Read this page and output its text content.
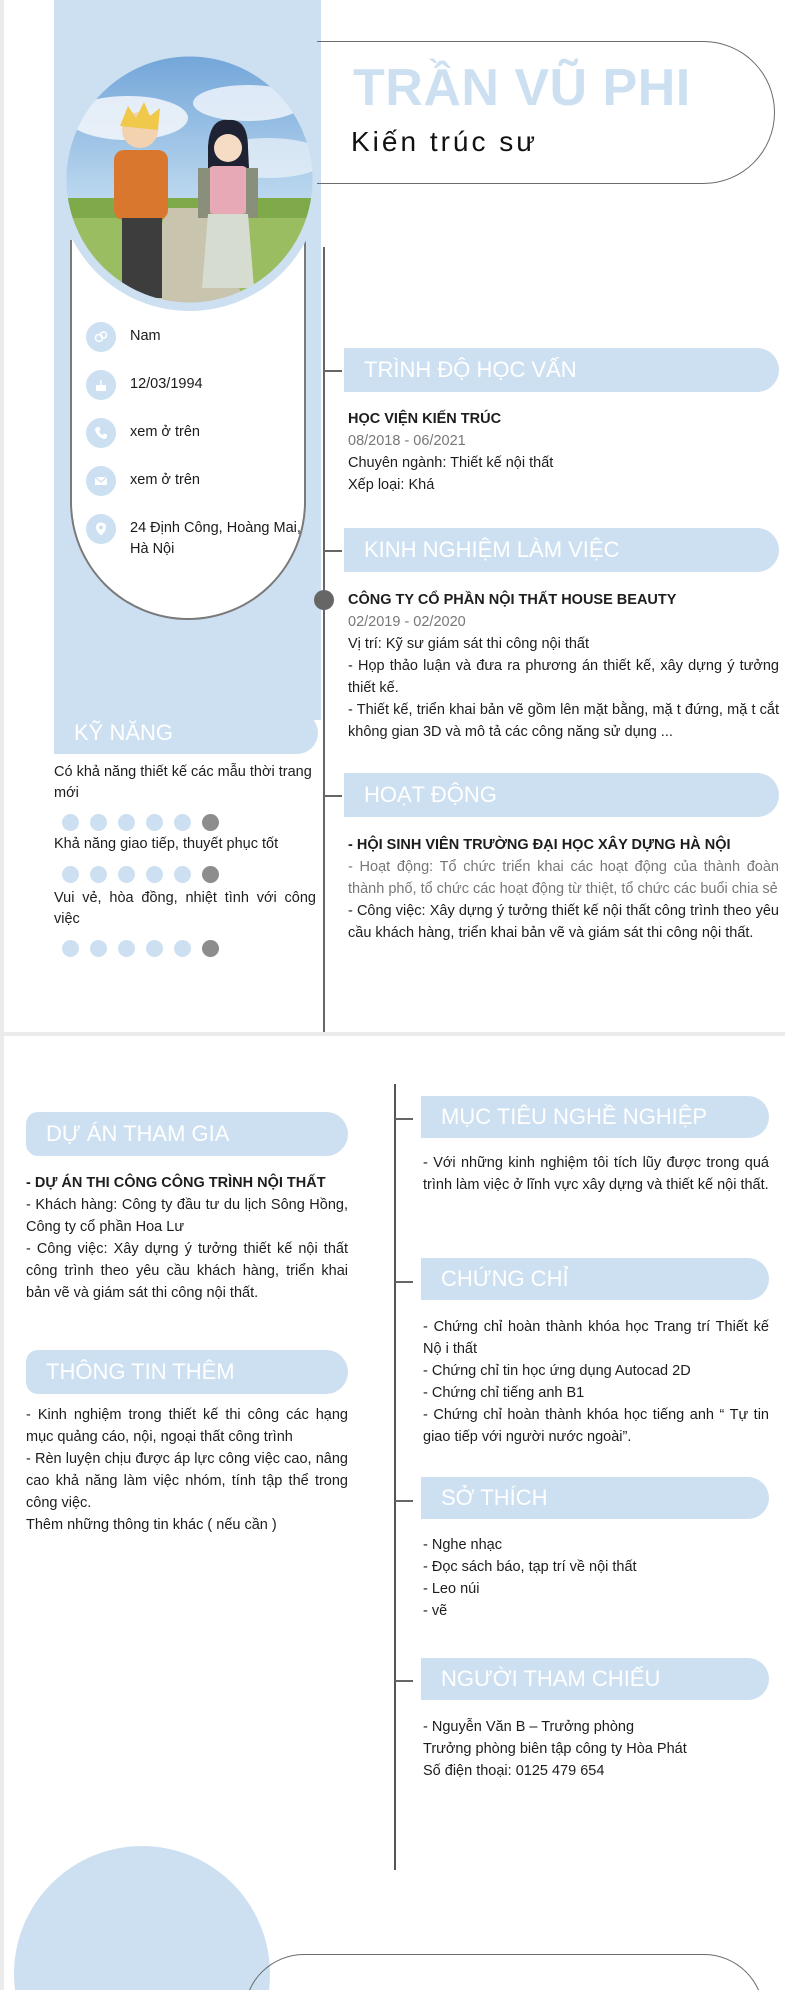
TRẦN VŨ PHI
Kiến trúc sư
Nam
12/03/1994
xem ở trên
xem ở trên
24 Định Công, Hoàng Mai, Hà Nội
KỸ NĂNG
Có khả năng thiết kế các mẫu thời trang mới
Khả năng giao tiếp, thuyết phục tốt
Vui vẻ, hòa đồng, nhiệt tình với công việc
TRÌNH ĐỘ HỌC VẤN
HỌC VIỆN KIẾN TRÚC
08/2018 - 06/2021
Chuyên ngành: Thiết kế nội thất
Xếp loại: Khá
KINH NGHIỆM LÀM VIỆC
CÔNG TY CỔ PHẦN NỘI THẤT HOUSE BEAUTY
02/2019 - 02/2020
Vị trí: Kỹ sư giám sát thi công nội thất
- Họp thảo luận và đưa ra phương án thiết kế, xây dựng ý tưởng thiết kế.
- Thiết kế, triển khai bản vẽ gồm lên mặt bằng, mặ t đứng, mặ t cắt không gian 3D và mô tả các công năng sử dụng ...
HOẠT ĐỘNG
- HỘI SINH VIÊN TRƯỜNG ĐẠI HỌC XÂY DỰNG HÀ NỘI
- Hoạt động: Tổ chức triển khai các hoạt động của thành đoàn thành phố, tổ chức các hoạt động từ thiệt, tổ chức các buổi chia sẻ
- Công việc: Xây dựng ý tưởng thiết kế nội thất công trình theo yêu cầu khách hàng, triển khai bản vẽ và giám sát thi công nội thất.
DỰ ÁN THAM GIA
- DỰ ÁN THI CÔNG CÔNG TRÌNH NỘI THẤT
- Khách hàng: Công ty đầu tư du lịch Sông Hồng, Công ty cổ phần Hoa Lư
- Công việc: Xây dựng ý tưởng thiết kế nội thất công trình theo yêu cầu khách hàng, triển khai bản vẽ và giám sát thi công nội thất.
THÔNG TIN THÊM
- Kinh nghiệm trong thiết kế thi công các hạng mục quảng cáo, nội, ngoại thất công trình
- Rèn luyện chịu được áp lực công việc cao, nâng cao khả năng làm việc nhóm, tính tập thể trong công việc.
Thêm những thông tin khác ( nếu cần )
MỤC TIÊU NGHỀ NGHIỆP
- Với những kinh nghiệm tôi tích lũy được trong quá trình làm việc ở lĩnh vực xây dựng và thiết kế nội thất.
CHỨNG CHỈ
- Chứng chỉ hoàn thành khóa học Trang trí Thiết kế Nộ i thất
- Chứng chỉ tin học ứng dụng Autocad 2D
- Chứng chỉ tiếng anh B1
- Chứng chỉ hoàn thành khóa học tiếng anh “ Tự tin giao tiếp với người nước ngoài”.
SỞ THÍCH
- Nghe nhạc
- Đọc sách báo, tạp trí về nội thất
- Leo núi
- vẽ
NGƯỜI THAM CHIẾU
- Nguyễn Văn B – Trưởng phòng
Trưởng phòng biên tập công ty Hòa Phát
Số điện thoại: 0125 479 654
